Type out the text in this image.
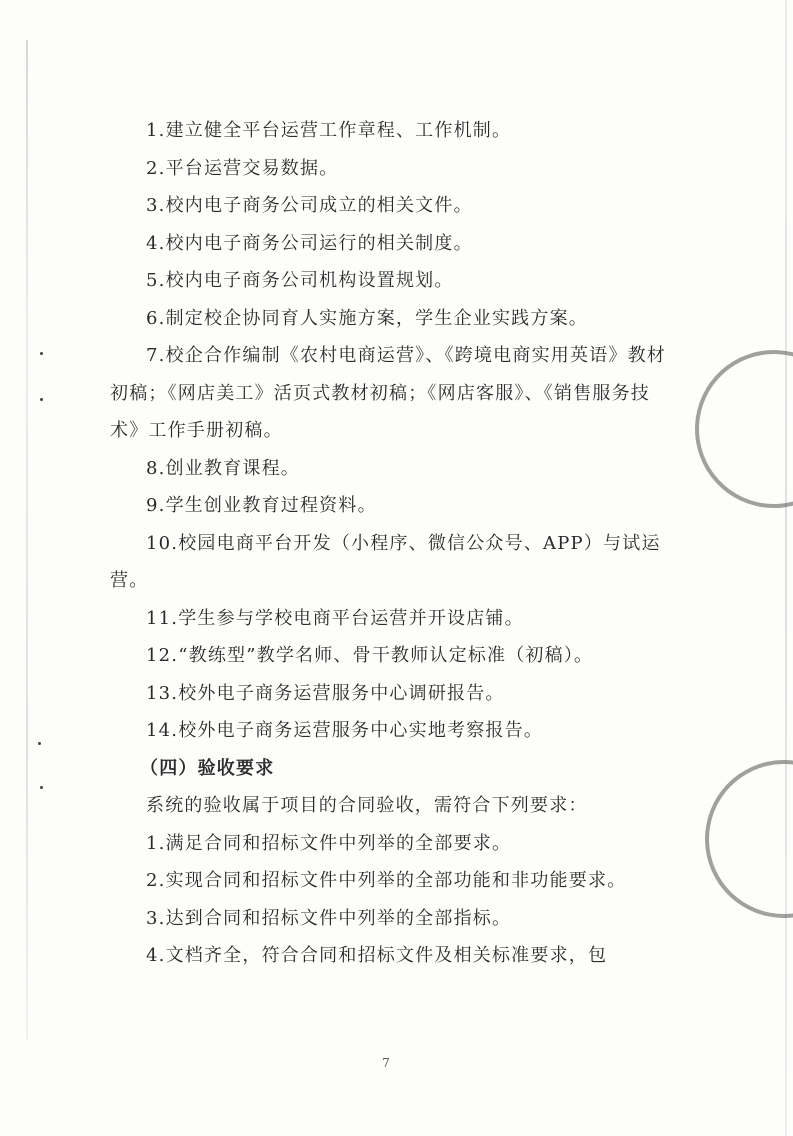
1.建立健全平台运营工作章程、工作机制。

2.平台运营交易数据。

3.校内电子商务公司成立的相关文件。

4.校内电子商务公司运行的相关制度。

5.校内电子商务公司机构设置规划。

6.制定校企协同育人实施方案，学生企业实践方案。

7.校企合作编制《农村电商运营》、《跨境电商实用英语》教材初稿；《网店美工》活页式教材初稿；《网店客服》、《销售服务技术》工作手册初稿。

8.创业教育课程。

9.学生创业教育过程资料。

10.校园电商平台开发（小程序、微信公众号、APP）与试运营。

11.学生参与学校电商平台运营并开设店铺。

12.“教练型”教学名师、骨干教师认定标准（初稿）。

13.校外电子商务运营服务中心调研报告。

14.校外电子商务运营服务中心实地考察报告。

（四）验收要求

系统的验收属于项目的合同验收，需符合下列要求：

1.满足合同和招标文件中列举的全部要求。

2.实现合同和招标文件中列举的全部功能和非功能要求。

3.达到合同和招标文件中列举的全部指标。

4.文档齐全，符合合同和招标文件及相关标准要求，包

7
